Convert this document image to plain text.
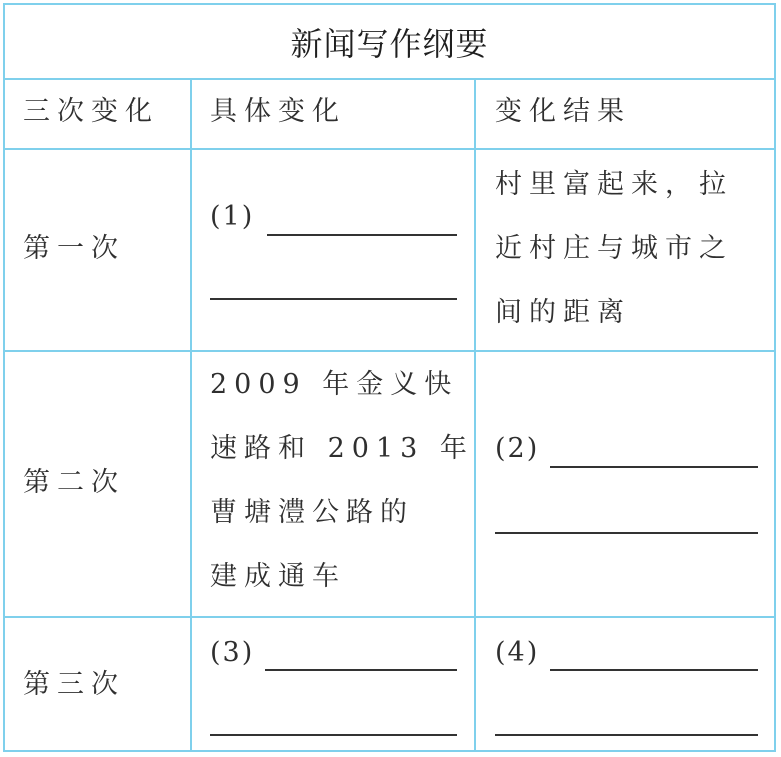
新闻写作纲要
三次变化 具体变化	变化结果
第一次
(1)
村里富起来，拉
近村庄与城市之
间的距离
第二次
2009 年金义快
速路和 2013 年
曹塘澧公路的
建成通车
(2)
第三次
(3)	(4)
